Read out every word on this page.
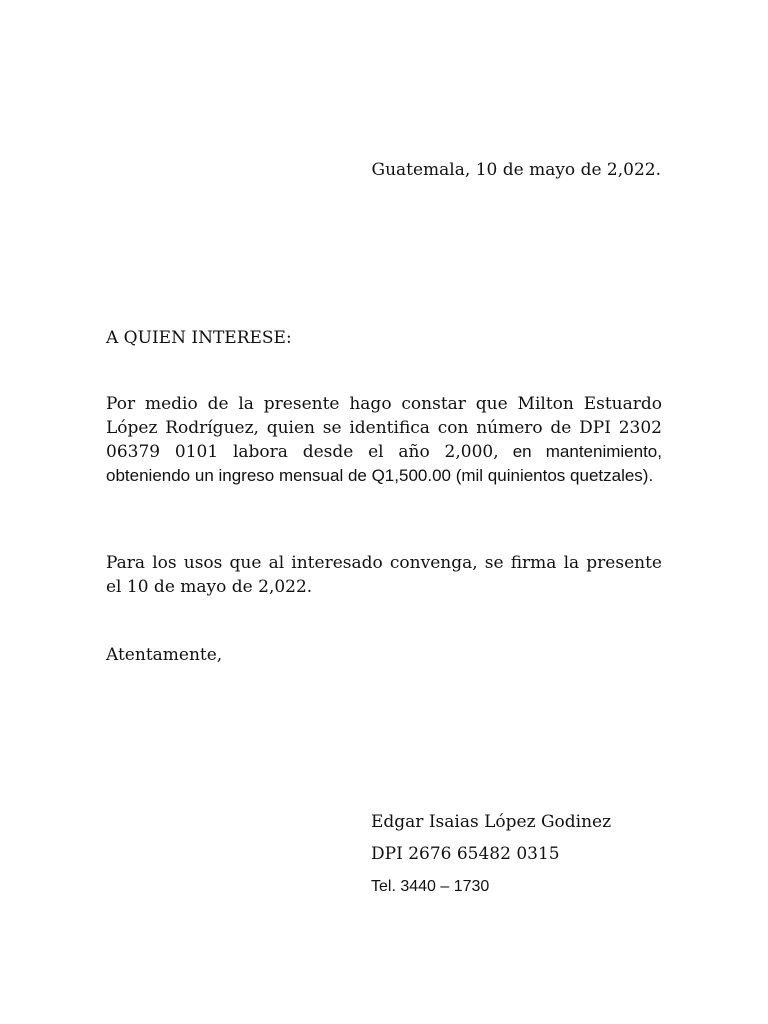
Guatemala, 10 de mayo de 2,022.
A QUIEN INTERESE:
Por medio de la presente hago constar que Milton Estuardo López Rodríguez, quien se identifica con número de DPI 2302 06379 0101 labora desde el año 2,000, en mantenimiento, obteniendo un ingreso mensual de Q1,500.00 (mil quinientos quetzales).
Para los usos que al interesado convenga, se firma la presente el 10 de mayo de 2,022.
Atentamente,
Edgar Isaias López Godinez
DPI 2676 65482 0315
Tel. 3440 – 1730
